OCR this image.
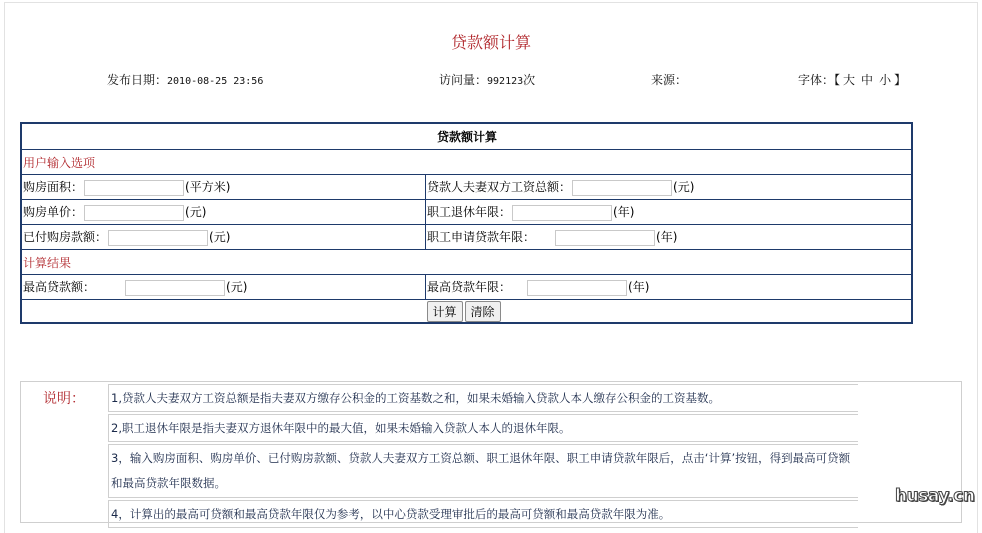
贷款额计算
发布日期：2010-08-25 23:56	访问量：992123次	来源：	字体：【 大 中 小 】
贷款额计算	
用户输入选项	
购房面积： (平方米)	贷款人夫妻双方工资总额： (元)
购房单价： (元)	职工退休年限： (年)
已付购房款额： (元)	职工申请贷款年限： (年)
计算结果	
最高贷款额： (元)	最高贷款年限： (年)
	计算 清除
说明： 1,贷款人夫妻双方工资总额是指夫妻双方缴存公积金的工资基数之和，如果未婚输入贷款人本人缴存公积金的工资基数。
2,职工退休年限是指夫妻双方退休年限中的最大值，如果未婚输入贷款人本人的退休年限。
3，输入购房面积、购房单价、已付购房款额、贷款人夫妻双方工资总额、职工退休年限、职工申请贷款年限后，点击‘计算’按钮，得到最高可贷额和最高贷款年限数据。
4，计算出的最高可贷额和最高贷款年限仅为参考，以中心贷款受理审批后的最高可贷额和最高贷款年限为准。
husay.cn
